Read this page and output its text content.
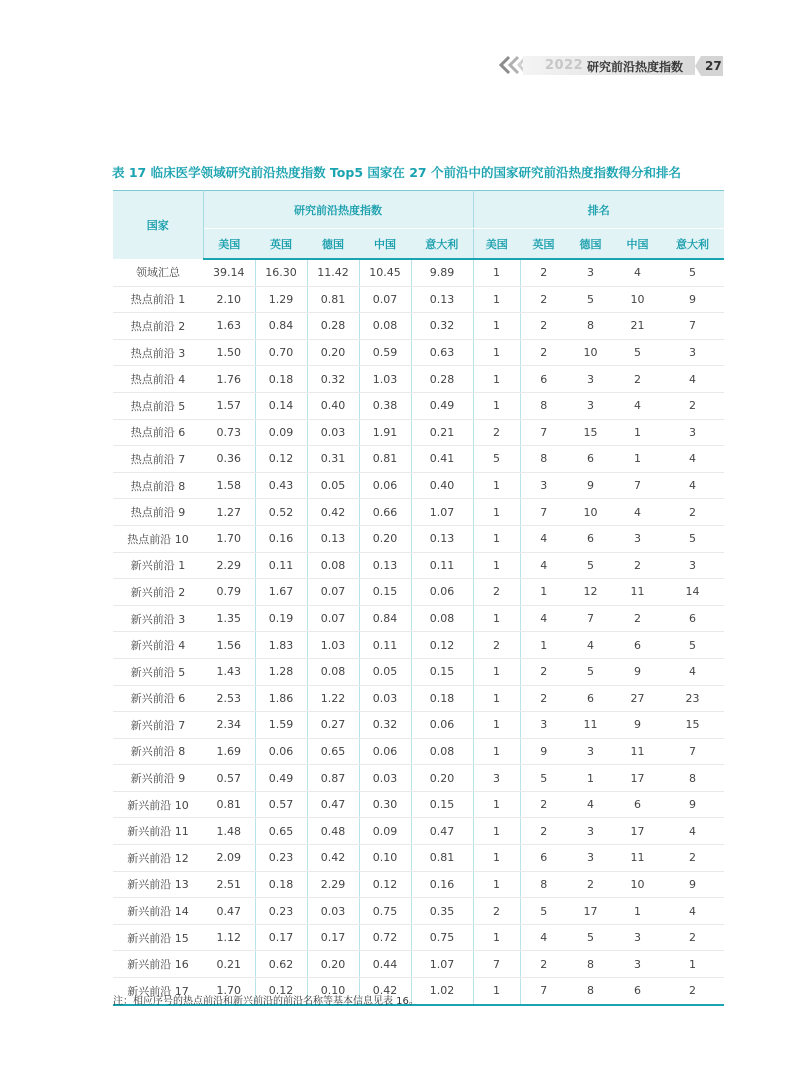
2022 研究前沿热度指数 27
表 17 临床医学领域研究前沿热度指数 Top5 国家在 27 个前沿中的国家研究前沿热度指数得分和排名
国家	研究前沿热度指数					排名				
	美国	英国	德国	中国	意大利	美国	英国	德国	中国	意大利
领域汇总	39.14	16.30	11.42	10.45	9.89	1	2	3	4	5
热点前沿 1	2.10	1.29	0.81	0.07	0.13	1	2	5	10	9
热点前沿 2	1.63	0.84	0.28	0.08	0.32	1	2	8	21	7
热点前沿 3	1.50	0.70	0.20	0.59	0.63	1	2	10	5	3
热点前沿 4	1.76	0.18	0.32	1.03	0.28	1	6	3	2	4
热点前沿 5	1.57	0.14	0.40	0.38	0.49	1	8	3	4	2
热点前沿 6	0.73	0.09	0.03	1.91	0.21	2	7	15	1	3
热点前沿 7	0.36	0.12	0.31	0.81	0.41	5	8	6	1	4
热点前沿 8	1.58	0.43	0.05	0.06	0.40	1	3	9	7	4
热点前沿 9	1.27	0.52	0.42	0.66	1.07	1	7	10	4	2
热点前沿 10	1.70	0.16	0.13	0.20	0.13	1	4	6	3	5
新兴前沿 1	2.29	0.11	0.08	0.13	0.11	1	4	5	2	3
新兴前沿 2	0.79	1.67	0.07	0.15	0.06	2	1	12	11	14
新兴前沿 3	1.35	0.19	0.07	0.84	0.08	1	4	7	2	6
新兴前沿 4	1.56	1.83	1.03	0.11	0.12	2	1	4	6	5
新兴前沿 5	1.43	1.28	0.08	0.05	0.15	1	2	5	9	4
新兴前沿 6	2.53	1.86	1.22	0.03	0.18	1	2	6	27	23
新兴前沿 7	2.34	1.59	0.27	0.32	0.06	1	3	11	9	15
新兴前沿 8	1.69	0.06	0.65	0.06	0.08	1	9	3	11	7
新兴前沿 9	0.57	0.49	0.87	0.03	0.20	3	5	1	17	8
新兴前沿 10	0.81	0.57	0.47	0.30	0.15	1	2	4	6	9
新兴前沿 11	1.48	0.65	0.48	0.09	0.47	1	2	3	17	4
新兴前沿 12	2.09	0.23	0.42	0.10	0.81	1	6	3	11	2
新兴前沿 13	2.51	0.18	2.29	0.12	0.16	1	8	2	10	9
新兴前沿 14	0.47	0.23	0.03	0.75	0.35	2	5	17	1	4
新兴前沿 15	1.12	0.17	0.17	0.72	0.75	1	4	5	3	2
新兴前沿 16	0.21	0.62	0.20	0.44	1.07	7	2	8	3	1
新兴前沿 17	1.70	0.12	0.10	0.42	1.02	1	7	8	6	2
注：相应序号的热点前沿和新兴前沿的前沿名称等基本信息见表 16。
